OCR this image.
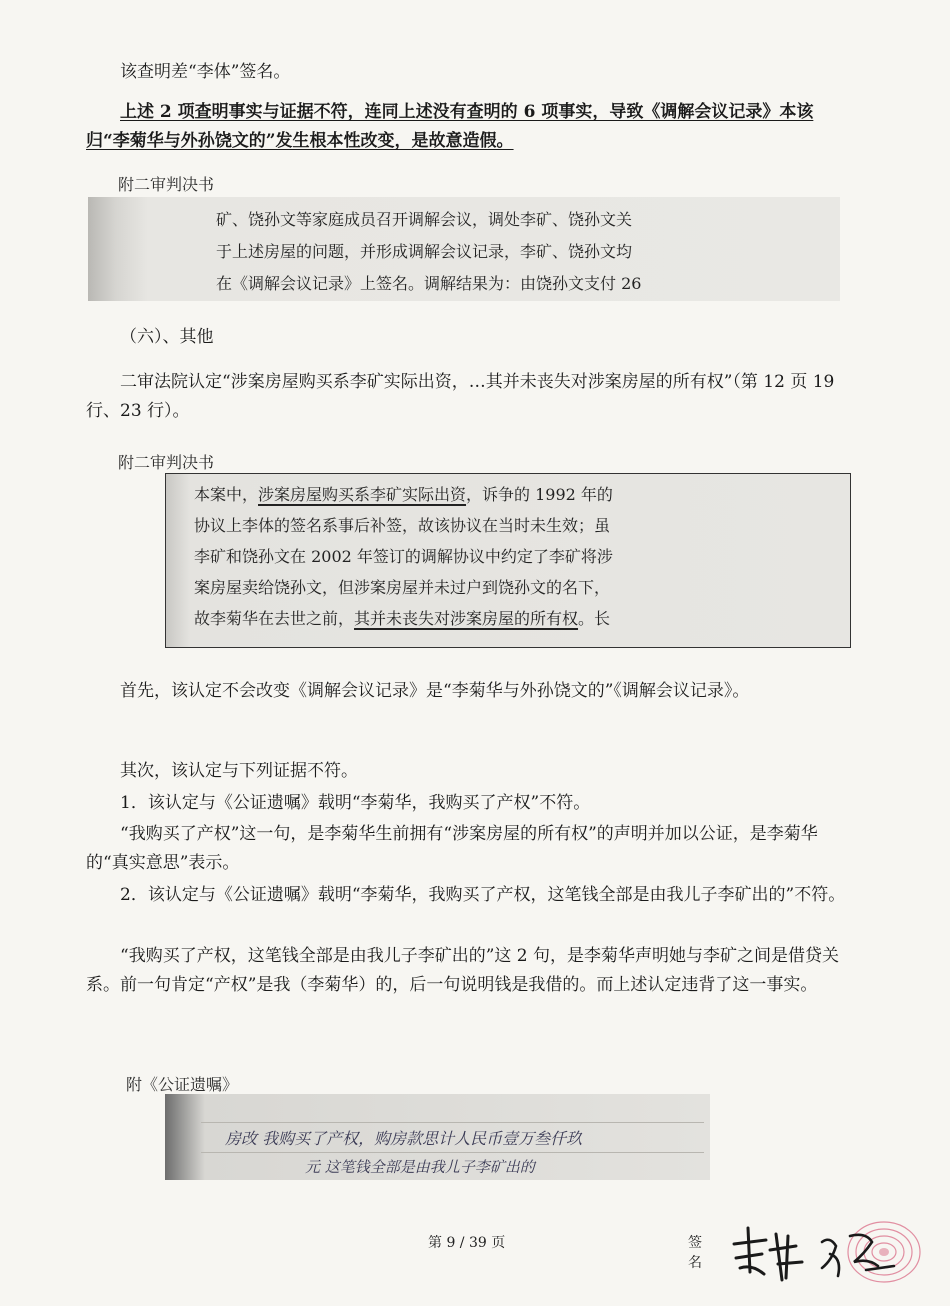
该查明差“李体”签名。

上述 2 项查明事实与证据不符，连同上述没有查明的 6 项事实，导致《调解会议记录》本该归“李菊华与外孙饶文的”发生根本性改变，是故意造假。

附二审判决书
矿、饶孙文等家庭成员召开调解会议，调处李矿、饶孙文关
于上述房屋的问题，并形成调解会议记录，李矿、饶孙文均
在《调解会议记录》上签名。调解结果为：由饶孙文支付 26
（六）、其他

二审法院认定“涉案房屋购买系李矿实际出资，…其并未丧失对涉案房屋的所有权”（第 12 页 19 行、23 行）。

附二审判决书
本案中，涉案房屋购买系李矿实际出资，诉争的 1992 年的
协议上李体的签名系事后补签，故该协议在当时未生效；虽
李矿和饶孙文在 2002 年签订的调解协议中约定了李矿将涉
案房屋卖给饶孙文，但涉案房屋并未过户到饶孙文的名下，
故李菊华在去世之前，其并未丧失对涉案房屋的所有权。长

首先，该认定不会改变《调解会议记录》是“李菊华与外孙饶文的”《调解会议记录》。

其次，该认定与下列证据不符。

1．该认定与《公证遗嘱》载明“李菊华，我购买了产权”不符。

“我购买了产权”这一句，是李菊华生前拥有“涉案房屋的所有权”的声明并加以公证，是李菊华的“真实意思”表示。

2．该认定与《公证遗嘱》载明“李菊华，我购买了产权，这笔钱全部是由我儿子李矿出的”不符。

“我购买了产权，这笔钱全部是由我儿子李矿出的”这 2 句，是李菊华声明她与李矿之间是借贷关系。前一句肯定“产权”是我（李菊华）的，后一句说明钱是我借的。而上述认定违背了这一事实。

附《公证遗嘱》
房改 我购买了产权，购房款思计人民币壹万叁仟玖
元 这笔钱全部是由我儿子李矿出的
第 9 / 39 页	签名
